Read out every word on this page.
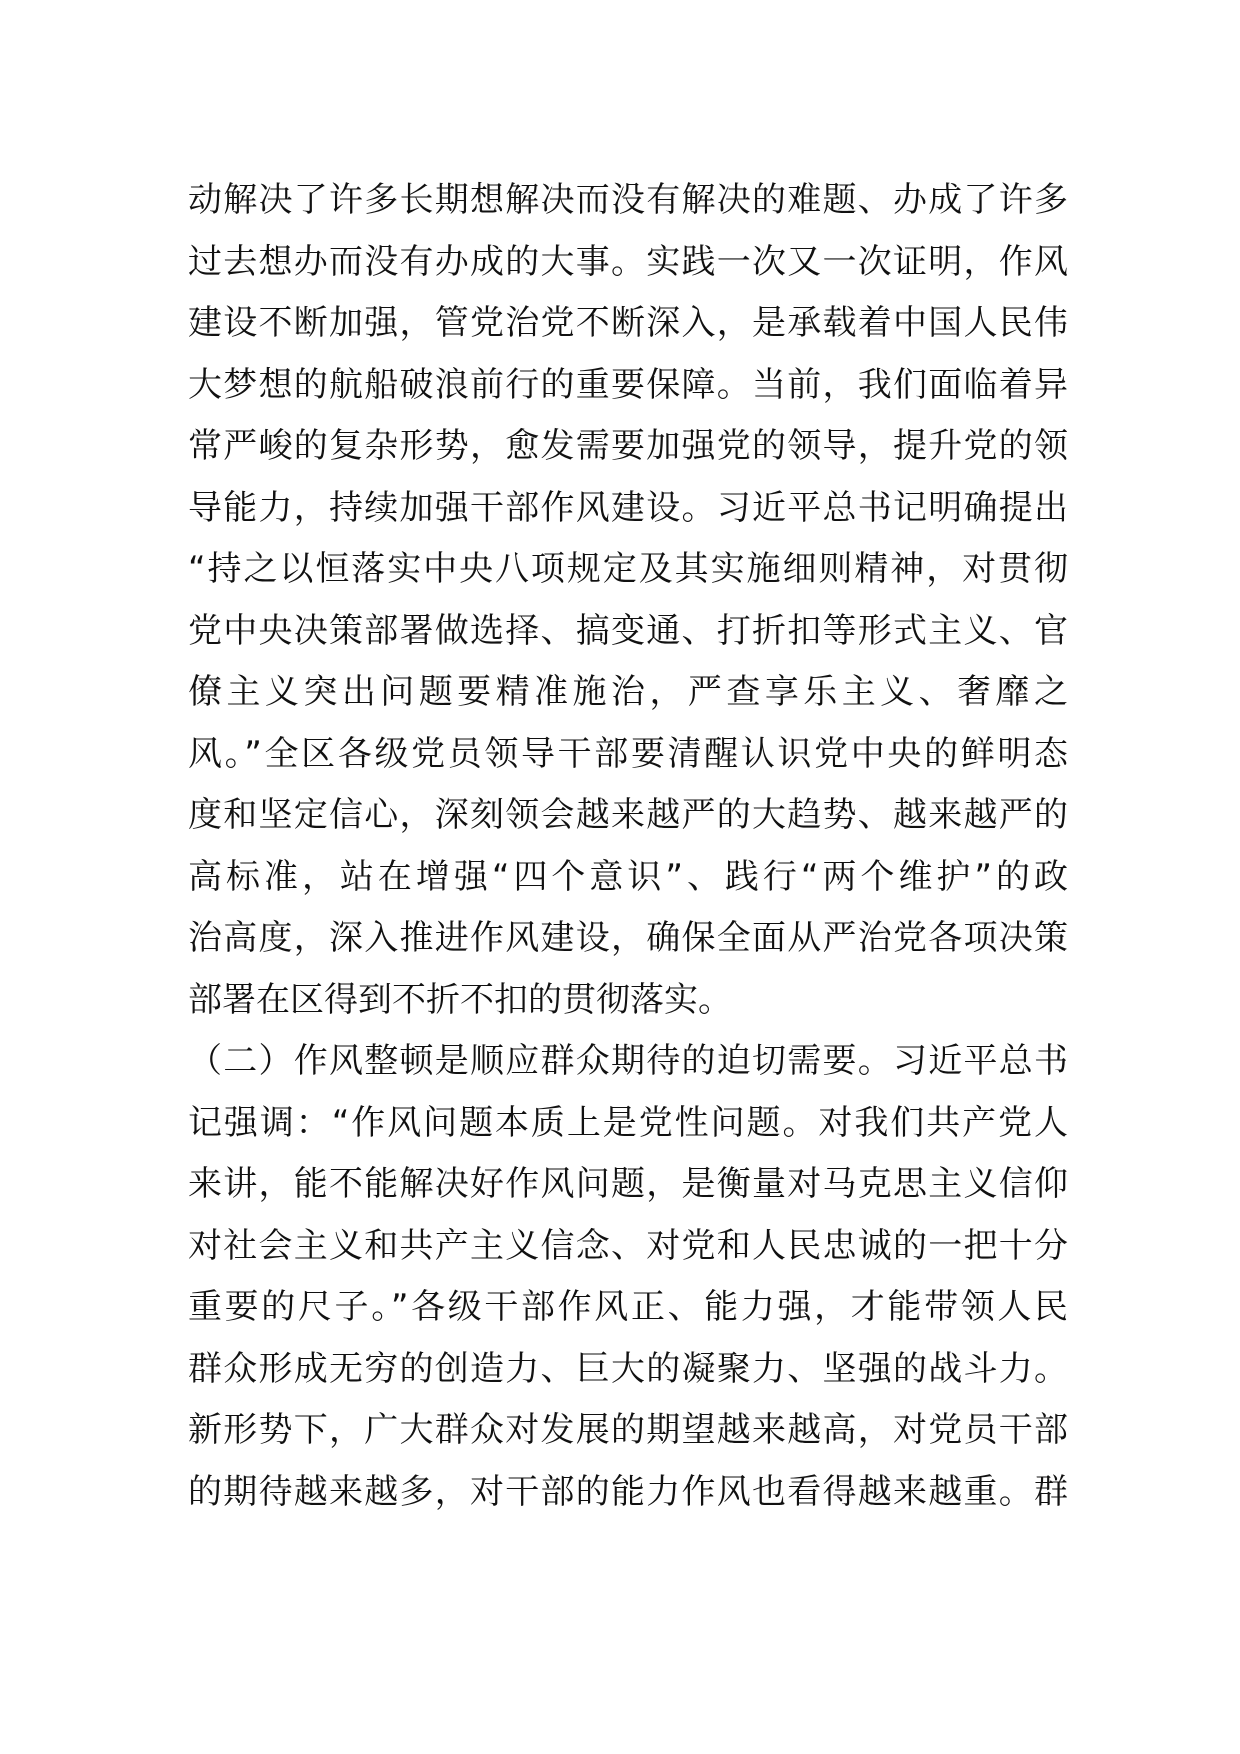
动解决了许多长期想解决而没有解决的难题、办成了许多
过去想办而没有办成的大事。实践一次又一次证明，作风
建设不断加强，管党治党不断深入，是承载着中国人民伟
大梦想的航船破浪前行的重要保障。当前，我们面临着异
常严峻的复杂形势，愈发需要加强党的领导，提升党的领
导能力，持续加强干部作风建设。习近平总书记明确提出
“持之以恒落实中央八项规定及其实施细则精神，对贯彻
党中央决策部署做选择、搞变通、打折扣等形式主义、官
僚主义突出问题要精准施治，严查享乐主义、奢靡之
风。”全区各级党员领导干部要清醒认识党中央的鲜明态
度和坚定信心，深刻领会越来越严的大趋势、越来越严的
高标准，站在增强“四个意识”、践行“两个维护”的政
治高度，深入推进作风建设，确保全面从严治党各项决策
部署在区得到不折不扣的贯彻落实。
（二）作风整顿是顺应群众期待的迫切需要。习近平总书
记强调：“作风问题本质上是党性问题。对我们共产党人
来讲，能不能解决好作风问题，是衡量对马克思主义信仰
对社会主义和共产主义信念、对党和人民忠诚的一把十分
重要的尺子。”各级干部作风正、能力强，才能带领人民
群众形成无穷的创造力、巨大的凝聚力、坚强的战斗力。
新形势下，广大群众对发展的期望越来越高，对党员干部
的期待越来越多，对干部的能力作风也看得越来越重。群
